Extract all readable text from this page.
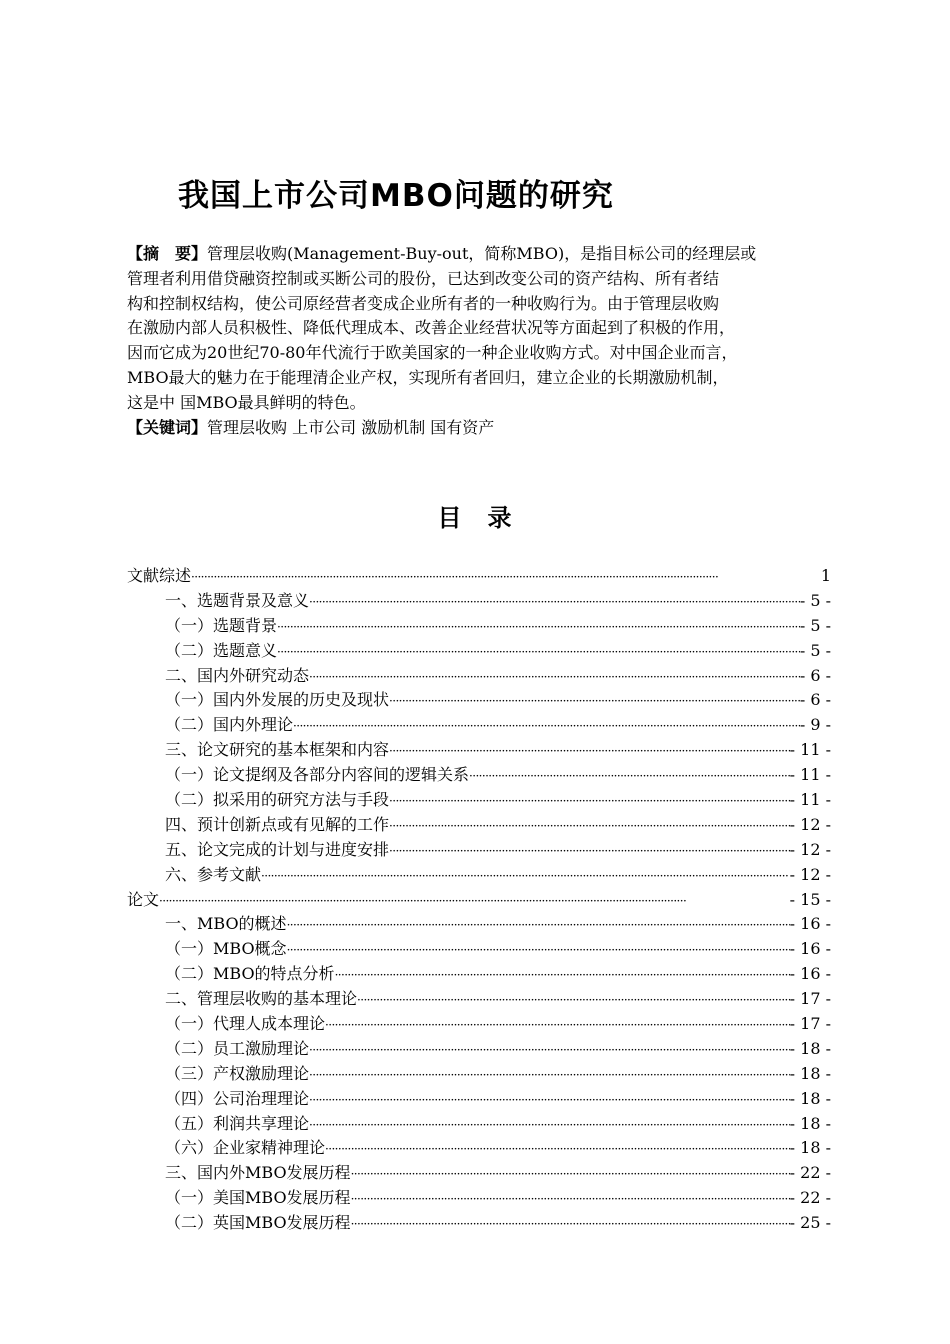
我国上市公司MBO问题的研究
【摘　要】管理层收购(Management-Buy-out，简称MBO)，是指目标公司的经理层或
管理者利用借贷融资控制或买断公司的股份，已达到改变公司的资产结构、所有者结
构和控制权结构，使公司原经营者变成企业所有者的一种收购行为。由于管理层收购
在激励内部人员积极性、降低代理成本、改善企业经营状况等方面起到了积极的作用，
因而它成为20世纪70-80年代流行于欧美国家的一种企业收购方式。对中国企业而言，
MBO最大的魅力在于能理清企业产权，实现所有者回归，建立企业的长期激励机制，
这是中 国MBO最具鲜明的特色。
【关键词】管理层收购 上市公司 激励机制 国有资产
目录
文献综述 ·····	1
一、选题背景及意义 ·····	- 5 -
（一）选题背景 ·····	- 5 -
（二）选题意义 ·····	- 5 -
二、国内外研究动态 ·····	- 6 -
（一）国内外发展的历史及现状 ·····	- 6 -
（二）国内外理论 ·····	- 9 -
三、论文研究的基本框架和内容 ·····	- 11 -
（一）论文提纲及各部分内容间的逻辑关系 ·····	- 11 -
（二）拟采用的研究方法与手段 ·····	- 11 -
四、预计创新点或有见解的工作 ·····	- 12 -
五、论文完成的计划与进度安排 ·····	- 12 -
六、参考文献 ·····	- 12 -
论文 ·····	- 15 -
一、MBO的概述 ·····	- 16 -
（一）MBO概念 ·····	- 16 -
（二）MBO的特点分析 ·····	- 16 -
二、管理层收购的基本理论 ·····	- 17 -
（一）代理人成本理论 ·····	- 17 -
（二）员工激励理论 ·····	- 18 -
（三）产权激励理论 ·····	- 18 -
（四）公司治理理论 ·····	- 18 -
（五）利润共享理论 ·····	- 18 -
（六）企业家精神理论 ·····	- 18 -
三、国内外MBO发展历程 ·····	- 22 -
（一）美国MBO发展历程 ·····	- 22 -
（二）英国MBO发展历程 ·····	- 25 -
